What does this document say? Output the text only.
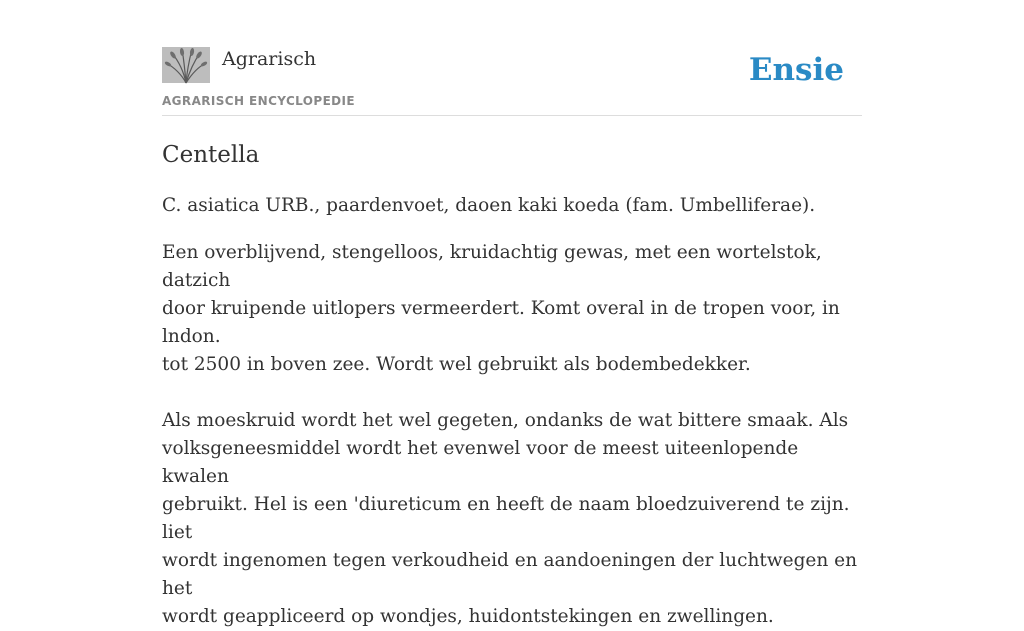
Agrarisch
AGRARISCH ENCYCLOPEDIE
Ensie
Centella

C. asiatica URB., paardenvoet, daoen kaki koeda (fam. Umbelliferae).

Een overblijvend, stengelloos, kruidachtig gewas, met een wortelstok, datzich
door kruipende uitlopers vermeerdert. Komt overal in de tropen voor, in lndon.
tot 2500 in boven zee. Wordt wel gebruikt als bodembedekker.

Als moeskruid wordt het wel gegeten, ondanks de wat bittere smaak. Als
volksgeneesmiddel wordt het evenwel voor de meest uiteenlopende kwalen
gebruikt. Hel is een 'diureticum en heeft de naam bloedzuiverend te zijn. liet
wordt ingenomen tegen verkoudheid en aandoeningen der luchtwegen en het
wordt geappliceerd op wondjes, huidontstekingen en zwellingen.
